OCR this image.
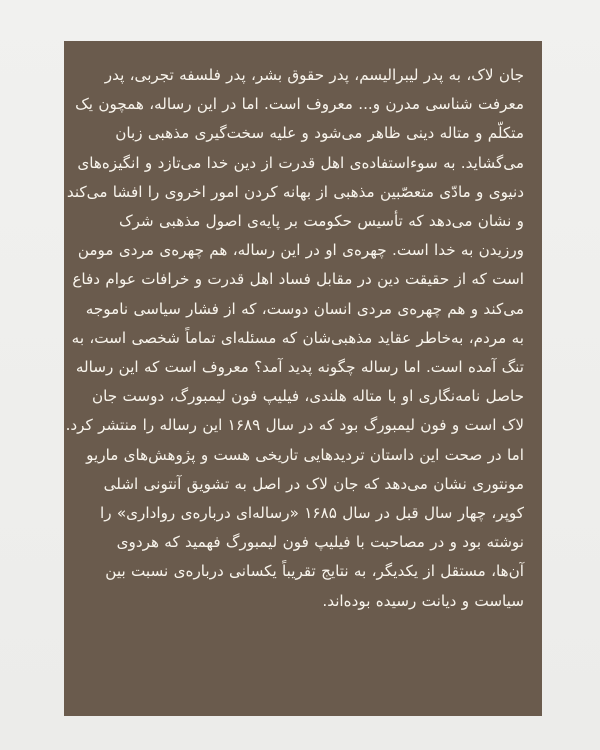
جان لاک، به پدر لیبرالیسم، پدر حقوق بشر، پدر فلسفه تجربی، پدر
معرفت شناسی مدرن و... معروف است. اما در این رساله، همچون یک
متکلّم و متاله دینی ظاهر می‌شود و علیه سخت‌گیری مذهبی زبان
می‌گشاید. به سوءاستفاده‌ی اهل قدرت از دین خدا می‌تازد و انگیزه‌های
دنیوی و مادّی متعصّبین مذهبی از بهانه کردن امور اخروی را افشا می‌کند
و نشان می‌دهد که تأسیس حکومت بر پایه‌ی اصول مذهبی شرک
ورزیدن به خدا است. چهره‌ی او در این رساله، هم چهره‌ی مردی مومن
است که از حقیقت دین در مقابل فساد اهل قدرت و خرافات عوام دفاع
می‌کند و هم چهره‌ی مردی انسان دوست، که از فشار سیاسی ناموجه
به مردم، به‌خاطر عقاید مذهبی‌شان که مسئله‌ای تماماً شخصی است، به
تنگ آمده است. اما رساله چگونه پدید آمد؟ معروف است که این رساله
حاصل نامه‌نگاری او با متاله هلندی، فیلیپ فون لیمبورگ، دوست جان
لاک است و فون لیمبورگ بود که در سال ۱۶۸۹ این رساله را منتشر کرد.
اما در صحت این داستان تردیدهایی تاریخی هست و پژوهش‌های ماریو
مونتوری نشان می‌دهد که جان لاک در اصل به تشویق آنتونی اشلی
کوپر، چهار سال قبل در سال ۱۶۸۵ «رساله‌ای درباره‌ی رواداری» را
نوشته بود و در مصاحبت با فیلیپ فون لیمبورگ فهمید که هردوی
آن‌ها، مستقل از یکدیگر، به نتایج تقریباً یکسانی درباره‌ی نسبت بین
سیاست و دیانت رسیده بوده‌اند.
